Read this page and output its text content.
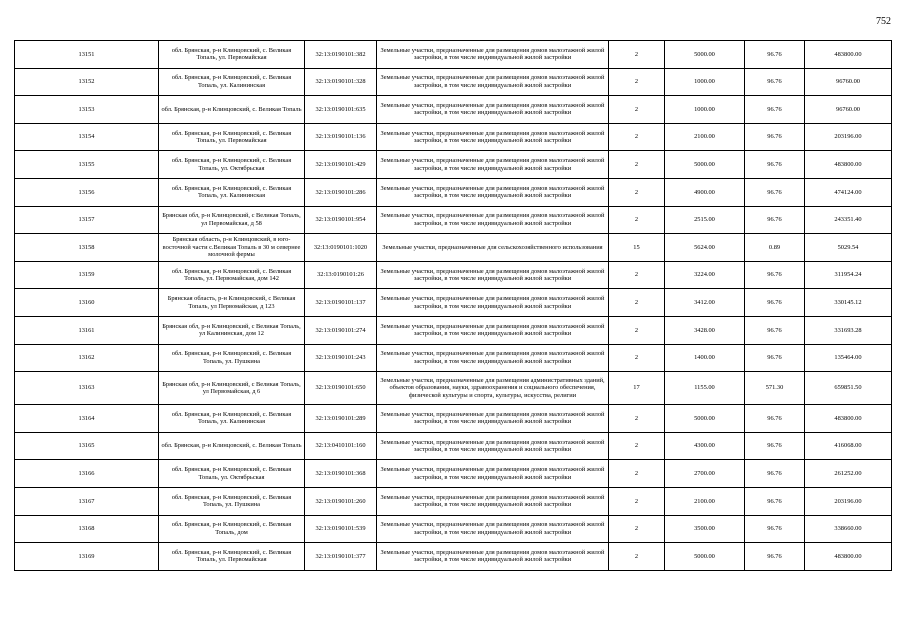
752
13151	обл. Брянская, р-н Клинцовский, с. Великая Топаль, ул. Первомайская	32:13:0190101:382	Земельные участки, предназначенные для размещения домов малоэтажной жилой застройки, в том числе индивидуальной жилой застройки	2	5000.00	96.76	483800.00
13152	обл. Брянская, р-н Клинцовский, с. Великая Топаль, ул. Калининская	32:13:0190101:328	Земельные участки, предназначенные для размещения домов малоэтажной жилой застройки, в том числе индивидуальной жилой застройки	2	1000.00	96.76	96760.00
13153	обл. Брянская, р-н Клинцовский, с. Великая Топаль	32:13:0190101:635	Земельные участки, предназначенные для размещения домов малоэтажной жилой застройки, в том числе индивидуальной жилой застройки	2	1000.00	96.76	96760.00
13154	обл. Брянская, р-н Клинцовский, с. Великая Топаль, ул. Первомайская	32:13:0190101:136	Земельные участки, предназначенные для размещения домов малоэтажной жилой застройки, в том числе индивидуальной жилой застройки	2	2100.00	96.76	203196.00
13155	обл. Брянская, р-н Клинцовский, с. Великая Топаль, ул. Октябрьская	32:13:0190101:429	Земельные участки, предназначенные для размещения домов малоэтажной жилой застройки, в том числе индивидуальной жилой застройки	2	5000.00	96.76	483800.00
13156	обл. Брянская, р-н Клинцовский, с. Великая Топаль, ул. Калининская	32:13:0190101:286	Земельные участки, предназначенные для размещения домов малоэтажной жилой застройки, в том числе индивидуальной жилой застройки	2	4900.00	96.76	474124.00
13157	Брянская обл, р-н Клинцовский, с Великая Топаль, ул Первомайская, д 58	32:13:0190101:954	Земельные участки, предназначенные для размещения домов малоэтажной жилой застройки, в том числе индивидуальной жилой застройки	2	2515.00	96.76	243351.40
13158	Брянская область, р-н Клинцовский, в юго-восточной части с.Великая Топаль в 30 м севернее молочной фермы	32:13:0190101:1020	Земельные участки, предназначенные для сельскохозяйственного использования	15	5624.00	0.89	5029.54
13159	обл. Брянская, р-н Клинцовский, с. Великая Топаль, ул. Первомайская, дом 142	32:13:0190101:26	Земельные участки, предназначенные для размещения домов малоэтажной жилой застройки, в том числе индивидуальной жилой застройки	2	3224.00	96.76	311954.24
13160	Брянская область, р-н Клинцовский, с Великая Топаль, ул Первомайская, д 123	32:13:0190101:137	Земельные участки, предназначенные для размещения домов малоэтажной жилой застройки, в том числе индивидуальной жилой застройки	2	3412.00	96.76	330145.12
13161	Брянская обл, р-н Клинцовский, с Великая Топаль, ул Калининская, дом 12	32:13:0190101:274	Земельные участки, предназначенные для размещения домов малоэтажной жилой застройки, в том числе индивидуальной жилой застройки	2	3428.00	96.76	331693.28
13162	обл. Брянская, р-н Клинцовский, с. Великая Топаль, ул. Пушкина	32:13:0190101:243	Земельные участки, предназначенные для размещения домов малоэтажной жилой застройки, в том числе индивидуальной жилой застройки	2	1400.00	96.76	135464.00
13163	Брянская обл, р-н Клинцовский, с Великая Топаль, ул Первомайская, д 6	32:13:0190101:650	Земельные участки, предназначенные для размещения административных зданий, объектов образования, науки, здравоохранения и социального обеспечения, физической культуры и спорта, культуры, искусства, религии	17	1155.00	571.30	659851.50
13164	обл. Брянская, р-н Клинцовский, с. Великая Топаль, ул. Калининская	32:13:0190101:289	Земельные участки, предназначенные для размещения домов малоэтажной жилой застройки, в том числе индивидуальной жилой застройки	2	5000.00	96.76	483800.00
13165	обл. Брянская, р-н Клинцовский, с. Великая Топаль	32:13:0410101:160	Земельные участки, предназначенные для размещения домов малоэтажной жилой застройки, в том числе индивидуальной жилой застройки	2	4300.00	96.76	416068.00
13166	обл. Брянская, р-н Клинцовский, с. Великая Топаль, ул. Октябрьская	32:13:0190101:368	Земельные участки, предназначенные для размещения домов малоэтажной жилой застройки, в том числе индивидуальной жилой застройки	2	2700.00	96.76	261252.00
13167	обл. Брянская, р-н Клинцовский, с. Великая Топаль, ул. Пушкина	32:13:0190101:260	Земельные участки, предназначенные для размещения домов малоэтажной жилой застройки, в том числе индивидуальной жилой застройки	2	2100.00	96.76	203196.00
13168	обл. Брянская, р-н Клинцовский, с. Великая Топаль, дом	32:13:0190101:539	Земельные участки, предназначенные для размещения домов малоэтажной жилой застройки, в том числе индивидуальной жилой застройки	2	3500.00	96.76	338660.00
13169	обл. Брянская, р-н Клинцовский, с. Великая Топаль, ул. Первомайская	32:13:0190101:377	Земельные участки, предназначенные для размещения домов малоэтажной жилой застройки, в том числе индивидуальной жилой застройки	2	5000.00	96.76	483800.00
